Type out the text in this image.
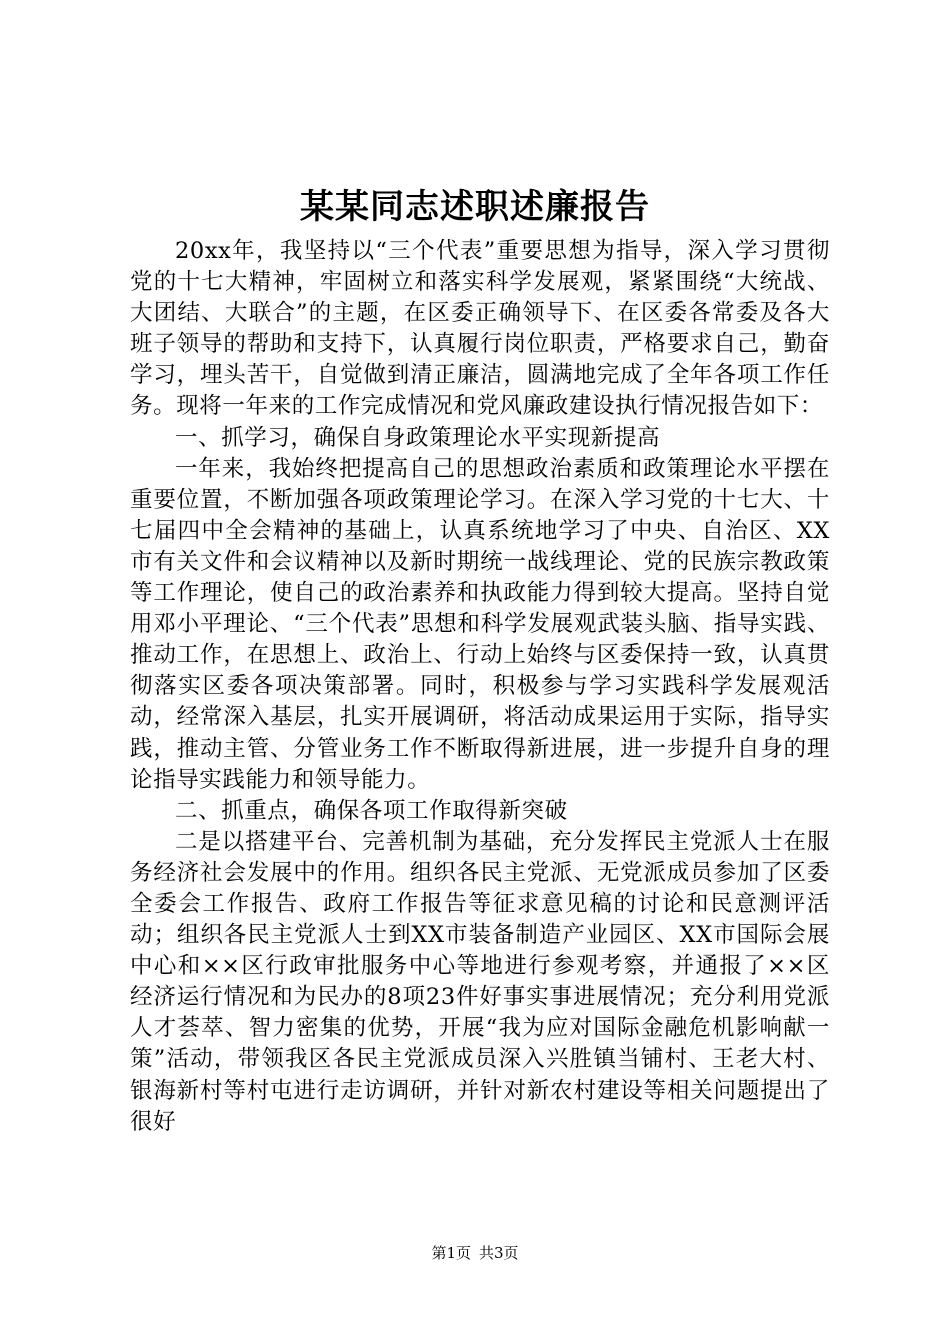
某某同志述职述廉报告

20xx年，我坚持以“三个代表”重要思想为指导，深入学习贯彻党的十七大精神，牢固树立和落实科学发展观，紧紧围绕“大统战、大团结、大联合”的主题，在区委正确领导下、在区委各常委及各大班子领导的帮助和支持下，认真履行岗位职责，严格要求自己，勤奋学习，埋头苦干，自觉做到清正廉洁，圆满地完成了全年各项工作任务。现将一年来的工作完成情况和党风廉政建设执行情况报告如下：

一、抓学习，确保自身政策理论水平实现新提高

一年来，我始终把提高自己的思想政治素质和政策理论水平摆在重要位置，不断加强各项政策理论学习。在深入学习党的十七大、十七届四中全会精神的基础上，认真系统地学习了中央、自治区、XX市有关文件和会议精神以及新时期统一战线理论、党的民族宗教政策等工作理论，使自己的政治素养和执政能力得到较大提高。坚持自觉用邓小平理论、“三个代表”思想和科学发展观武装头脑、指导实践、推动工作，在思想上、政治上、行动上始终与区委保持一致，认真贯彻落实区委各项决策部署。同时，积极参与学习实践科学发展观活动，经常深入基层，扎实开展调研，将活动成果运用于实际，指导实践，推动主管、分管业务工作不断取得新进展，进一步提升自身的理论指导实践能力和领导能力。

二、抓重点，确保各项工作取得新突破

二是以搭建平台、完善机制为基础，充分发挥民主党派人士在服务经济社会发展中的作用。组织各民主党派、无党派成员参加了区委全委会工作报告、政府工作报告等征求意见稿的讨论和民意测评活动；组织各民主党派人士到XX市装备制造产业园区、XX市国际会展中心和××区行政审批服务中心等地进行参观考察，并通报了××区经济运行情况和为民办的8项23件好事实事进展情况；充分利用党派人才荟萃、智力密集的优势，开展“我为应对国际金融危机影响献一策”活动，带领我区各民主党派成员深入兴胜镇当铺村、王老大村、银海新村等村屯进行走访调研，并针对新农村建设等相关问题提出了很好

第1页 共3页
